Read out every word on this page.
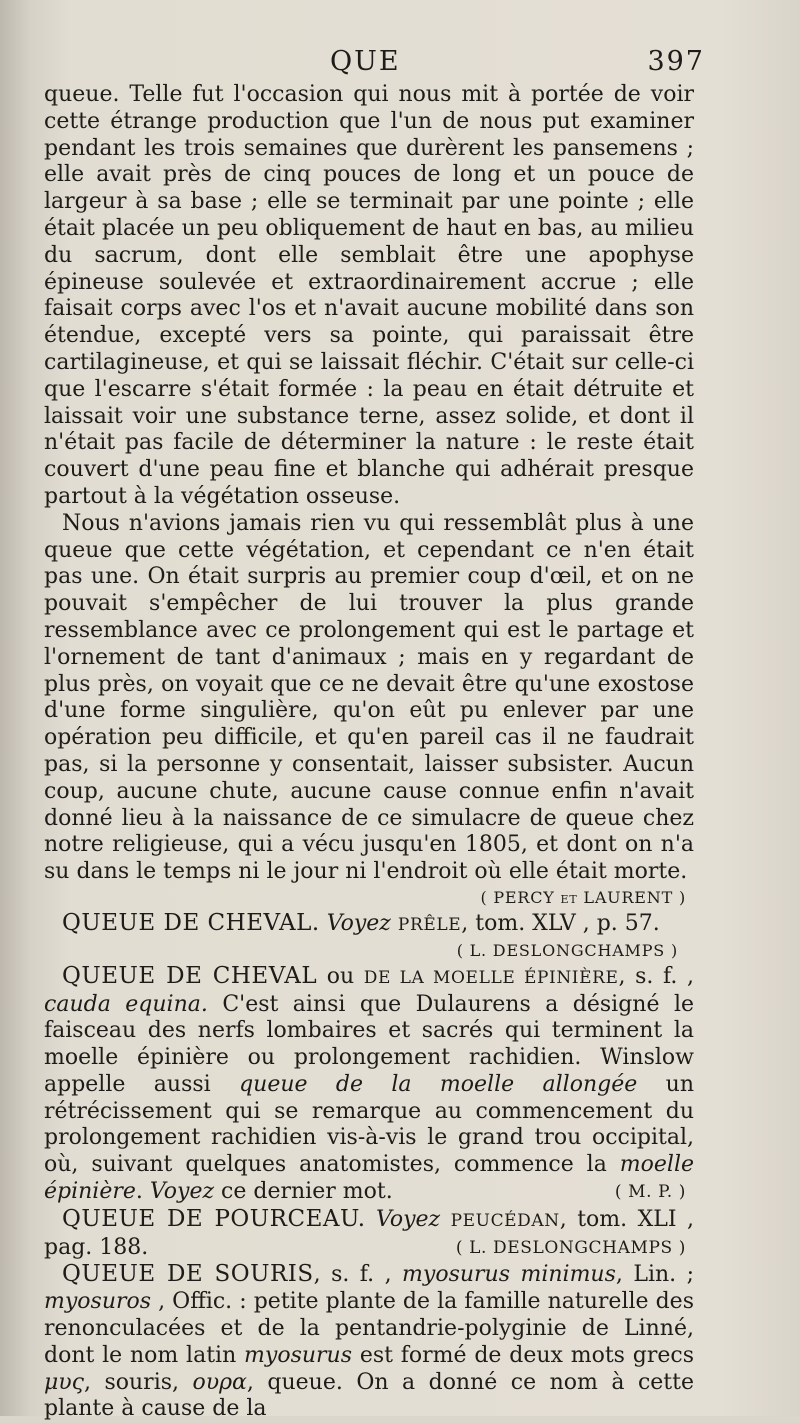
QUE	397

queue. Telle fut l'occasion qui nous mit à portée de voir cette étrange production que l'un de nous put examiner pendant les trois semaines que durèrent les pansemens ; elle avait près de cinq pouces de long et un pouce de largeur à sa base ; elle se terminait par une pointe ; elle était placée un peu obliquement de haut en bas, au milieu du sacrum, dont elle semblait être une apophyse épineuse soulevée et extraordinairement accrue ; elle faisait corps avec l'os et n'avait aucune mobilité dans son étendue, excepté vers sa pointe, qui paraissait être cartilagineuse, et qui se laissait fléchir. C'était sur celle-ci que l'escarre s'était formée : la peau en était détruite et laissait voir une substance terne, assez solide, et dont il n'était pas facile de déterminer la nature : le reste était couvert d'une peau fine et blanche qui adhérait presque partout à la végétation osseuse.

Nous n'avions jamais rien vu qui ressemblât plus à une queue que cette végétation, et cependant ce n'en était pas une. On était surpris au premier coup d'œil, et on ne pouvait s'empêcher de lui trouver la plus grande ressemblance avec ce prolongement qui est le partage et l'ornement de tant d'animaux ; mais en y regardant de plus près, on voyait que ce ne devait être qu'une exostose d'une forme singulière, qu'on eût pu enlever par une opération peu difficile, et qu'en pareil cas il ne faudrait pas, si la personne y consentait, laisser subsister. Aucun coup, aucune chute, aucune cause connue enfin n'avait donné lieu à la naissance de ce simulacre de queue chez notre religieuse, qui a vécu jusqu'en 1805, et dont on n'a su dans le temps ni le jour ni l'endroit où elle était morte.

( PERCY et LAURENT )

QUEUE DE CHEVAL. Voyez PRÊLE, tom. XLV , p. 57.

( L. DESLONGCHAMPS )

QUEUE DE CHEVAL ou DE LA MOELLE ÉPINIÈRE, s. f. , cauda equina. C'est ainsi que Dulaurens a désigné le faisceau des nerfs lombaires et sacrés qui terminent la moelle épinière ou prolongement rachidien. Winslow appelle aussi queue de la moelle allongée un rétrécissement qui se remarque au commencement du prolongement rachidien vis-à-vis le grand trou occipital, où, suivant quelques anatomistes, commence la moelle épinière. Voyez ce dernier mot.	( M. P. )

QUEUE DE POURCEAU. Voyez PEUCÉDAN, tom. XLI , pag. 188.	( L. DESLONGCHAMPS )

QUEUE DE SOURIS, s. f. , myosurus minimus, Lin. ; myosuros , Offic. : petite plante de la famille naturelle des renonculacées et de la pentandrie-polyginie de Linné, dont le nom latin myosurus est formé de deux mots grecs μυς, souris, ουρα, queue. On a donné ce nom à cette plante à cause de la
